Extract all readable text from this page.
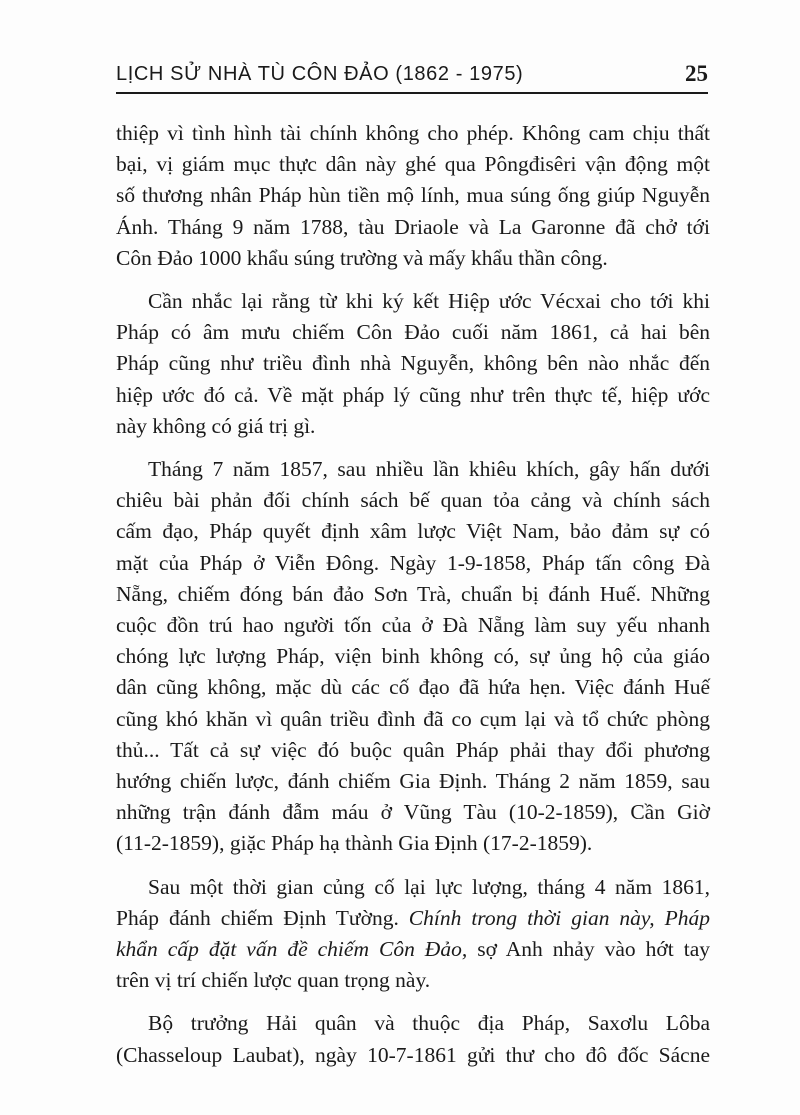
LỊCH SỬ NHÀ TÙ CÔN ĐẢO (1862 - 1975)	25
thiệp vì tình hình tài chính không cho phép. Không cam chịu thất
bại, vị giám mục thực dân này ghé qua Pôngđisêri vận động một
số thương nhân Pháp hùn tiền mộ lính, mua súng ống giúp Nguyễn
Ánh. Tháng 9 năm 1788, tàu Driaole và La Garonne đã chở tới
Côn Đảo 1000 khẩu súng trường và mấy khẩu thần công.
Cần nhắc lại rằng từ khi ký kết Hiệp ước Vécxai cho tới khi
Pháp có âm mưu chiếm Côn Đảo cuối năm 1861, cả hai bên
Pháp cũng như triều đình nhà Nguyễn, không bên nào nhắc đến
hiệp ước đó cả. Về mặt pháp lý cũng như trên thực tế, hiệp ước
này không có giá trị gì.
Tháng 7 năm 1857, sau nhiều lần khiêu khích, gây hấn dưới
chiêu bài phản đối chính sách bế quan tỏa cảng và chính sách
cấm đạo, Pháp quyết định xâm lược Việt Nam, bảo đảm sự có
mặt của Pháp ở Viễn Đông. Ngày 1-9-1858, Pháp tấn công Đà
Nẵng, chiếm đóng bán đảo Sơn Trà, chuẩn bị đánh Huế. Những
cuộc đồn trú hao người tốn của ở Đà Nẵng làm suy yếu nhanh
chóng lực lượng Pháp, viện binh không có, sự ủng hộ của giáo
dân cũng không, mặc dù các cố đạo đã hứa hẹn. Việc đánh Huế
cũng khó khăn vì quân triều đình đã co cụm lại và tổ chức phòng
thủ... Tất cả sự việc đó buộc quân Pháp phải thay đổi phương
hướng chiến lược, đánh chiếm Gia Định. Tháng 2 năm 1859, sau
những trận đánh đẫm máu ở Vũng Tàu (10-2-1859), Cần Giờ
(11-2-1859), giặc Pháp hạ thành Gia Định (17-2-1859).
Sau một thời gian củng cố lại lực lượng, tháng 4 năm 1861,
Pháp đánh chiếm Định Tường. Chính trong thời gian này, Pháp
khẩn cấp đặt vấn đề chiếm Côn Đảo, sợ Anh nhảy vào hớt tay
trên vị trí chiến lược quan trọng này.
Bộ trưởng Hải quân và thuộc địa Pháp, Saxơlu Lôba
(Chasseloup Laubat), ngày 10-7-1861 gửi thư cho đô đốc Sácne
